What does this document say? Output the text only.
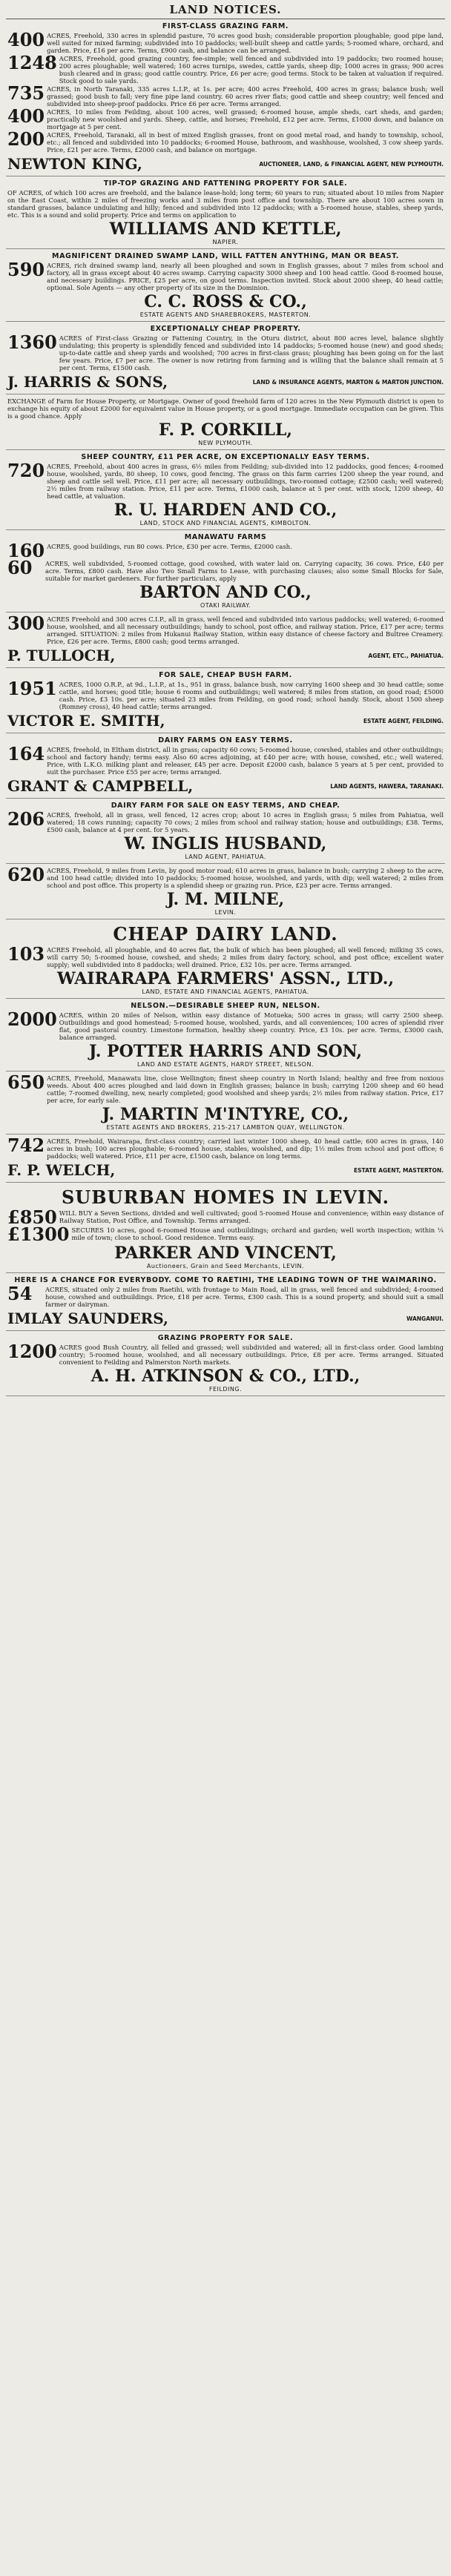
LAND NOTICES.
FIRST-CLASS GRAZING FARM.
400 ACRES, Freehold, 330 acres in splendid pasture, 70 acres good bush; considerable proportion ploughable; good pipe land, well suited for mixed farming; subdivided into 10 paddocks; well-built sheep and cattle yards; 5-roomed whare, orchard, and garden. Price, £16 per acre. Terms, £900 cash, and balance can be arranged.
1248 ACRES, Freehold, good grazing country, fee-simple; well fenced and subdivided into 19 paddocks; two roomed house; 200 acres ploughable; well watered; 160 acres turnips, swedes, cattle yards, sheep dip; 1000 acres in grass; 900 acres bush cleared and in grass; good cattle country. Price, £6 per acre; good terms. Stock to be taken at valuation if required. Stock good to sale yards.
735 ACRES, in North Taranaki, 335 acres L.I.P., at 1s. per acre; 400 acres Freehold, 400 acres in grass; balance bush; well grassed; good bush to fall; very fine pipe land country. 60 acres river flats; good cattle and sheep country; well fenced and subdivided into sheep-proof paddocks. Price £6 per acre. Terms arranged.
400 ACRES, 10 miles from Feilding, about 100 acres, well grassed; 6-roomed house, ample sheds, cart sheds, and garden; practically new woolshed and yards. Sheep, cattle, and horses; Freehold, £12 per acre. Terms, £1000 down, and balance on mortgage at 5 per cent.
200 ACRES, Freehold, Taranaki, all in best of mixed English grasses, front on good metal road, and handy to township, school, etc.; all fenced and subdivided into 10 paddocks; 6-roomed House, bathroom, and washhouse, woolshed, 3 cow sheep yards. Price, £21 per acre. Terms, £2000 cash, and balance on mortgage.
NEWTON KING,	AUCTIONEER, LAND, & FINANCIAL AGENT, NEW PLYMOUTH.
TIP-TOP GRAZING AND FATTENING PROPERTY FOR SALE.
OF ACRES, of which 100 acres are freehold, and the balance lease-hold; long term; 60 years to run; situated about 10 miles from Napier on the East Coast, within 2 miles of freezing works and 3 miles from post office and township. There are about 100 acres sown in standard grasses, balance undulating and hilly; fenced and subdivided into 12 paddocks; with a 5-roomed house, stables, sheep yards, etc. This is a sound and solid property. Price and terms on application to
WILLIAMS AND KETTLE,
NAPIER.
MAGNIFICENT DRAINED SWAMP LAND, WILL FATTEN ANYTHING, MAN OR BEAST.
590 ACRES, rich drained swamp land, nearly all been ploughed and sown in English grasses, about 7 miles from school and factory, all in grass except about 40 acres swamp. Carrying capacity 3000 sheep and 100 head cattle. Good 8-roomed house, and necessary buildings. PRICE, £25 per acre, on good terms. Inspection invited. Stock about 2000 sheep, 40 head cattle; optional. Sole Agents — any other property of its size in the Dominion.
C. C. ROSS & CO.,
ESTATE AGENTS AND SHAREBROKERS, MASTERTON.
EXCEPTIONALLY CHEAP PROPERTY.
1360 ACRES of First-class Grazing or Fattening Country, in the Oturu district, about 800 acres level, balance slightly undulating; this property is splendidly fenced and subdivided into 14 paddocks; 5-roomed house (new) and good sheds; up-to-date cattle and sheep yards and woolshed; 700 acres in first-class grass; ploughing has been going on for the last few years. Price, £7 per acre. The owner is now retiring from farming and is willing that the balance shall remain at 5 per cent. Terms, £1500 cash.
J. HARRIS & SONS,	LAND & INSURANCE AGENTS, MARTON & MARTON JUNCTION.
EXCHANGE of Farm for House Property, or Mortgage. Owner of good freehold farm of 120 acres in the New Plymouth district is open to exchange his equity of about £2000 for equivalent value in House property, or a good mortgage. Immediate occupation can be given. This is a good chance. Apply
F. P. CORKILL,
NEW PLYMOUTH.
SHEEP COUNTRY, £11 PER ACRE, ON EXCEPTIONALLY EASY TERMS.
720 ACRES, Freehold, about 400 acres in grass, 6½ miles from Feilding; sub-divided into 12 paddocks, good fences; 4-roomed house, woolshed, yards, 80 sheep, 10 cows, good fencing. The grass on this farm carries 1200 sheep the year round, and sheep and cattle sell well. Price, £11 per acre; all necessary outbuildings, two-roomed cottage; £2500 cash; well watered; 2½ miles from railway station. Price, £11 per acre. Terms, £1000 cash, balance at 5 per cent. with stock, 1200 sheep, 40 head cattle, at valuation.
R. U. HARDEN AND CO.,
LAND, STOCK AND FINANCIAL AGENTS, KIMBOLTON.
MANAWATU FARMS
160 ACRES, good buildings, run 80 cows. Price, £30 per acre. Terms, £2000 cash.
60	ACRES, well subdivided, 5-roomed cottage, good cowshed, with water laid on. Carrying capacity, 36 cows. Price, £40 per acre. Terms, £800 cash. Have also Two Small Farms to Lease, with purchasing clauses; also some Small Blocks for Sale, suitable for market gardeners. For further particulars, apply
BARTON AND CO.,
OTAKI RAILWAY.
300 ACRES Freehold and 300 acres C.I.P., all in grass, well fenced and subdivided into various paddocks; well watered; 6-roomed house, woolshed, and all necessary outbuildings; handy to school, post office, and railway station. Price, £17 per acre; terms arranged. SITUATION: 2 miles from Hukanui Railway Station, within easy distance of cheese factory and Bultree Creamery. Price, £26 per acre. Terms, £800 cash; good terms arranged.
P. TULLOCH,	AGENT, ETC., PAHIATUA.
FOR SALE, CHEAP BUSH FARM.
1951 ACRES, 1000 O.R.P., at 9d., L.I.P., at 1s., 951 in grass, balance bush, now carrying 1600 sheep and 30 head cattle; some cattle, and horses; good title; house 6 rooms and outbuildings; well watered; 8 miles from station, on good road; £5000 cash. Price, £3 10s. per acre; situated 23 miles from Feilding, on good road; school handy. Stock, about 1500 sheep (Romney cross), 40 head cattle; terms arranged.
VICTOR E. SMITH,	ESTATE AGENT, FEILDING.
DAIRY FARMS ON EASY TERMS.
164 ACRES, freehold, in Eltham district, all in grass; capacity 60 cows; 5-roomed house, cowshed, stables and other outbuildings; school and factory handy; terms easy. Also 60 acres adjoining, at £40 per acre; with house, cowshed, etc.; well watered. Price, with L.K.O. milking plant and releaser, £45 per acre. Deposit £2000 cash, balance 5 years at 5 per cent, provided to suit the purchaser. Price £55 per acre; terms arranged.
GRANT & CAMPBELL,	LAND AGENTS, HAWERA, TARANAKI.
DAIRY FARM FOR SALE ON EASY TERMS, AND CHEAP.
206 ACRES, freehold, all in grass, well fenced, 12 acres crop; about 10 acres in English grass; 5 miles from Pahiatua, well watered; 18 cows running; capacity 70 cows; 2 miles from school and railway station; house and outbuildings; £38. Terms, £500 cash, balance at 4 per cent. for 5 years.
W. INGLIS HUSBAND,
LAND AGENT, PAHIATUA.
620 ACRES, Freehold, 9 miles from Levin, by good motor road; 610 acres in grass, balance in bush; carrying 2 sheep to the acre, and 100 head cattle; divided into 10 paddocks; 5-roomed house, woolshed, and yards, with dip; well watered; 2 miles from school and post office. This property is a splendid sheep or grazing run. Price, £23 per acre. Terms arranged.
J. M. MILNE,
LEVIN.
CHEAP DAIRY LAND.
103 ACRES Freehold, all ploughable, and 40 acres flat, the bulk of which has been ploughed; all well fenced; milking 35 cows, will carry 50; 5-roomed house, cowshed, and sheds; 2 miles from dairy factory, school, and post office; excellent water supply; well subdivided into 8 paddocks; well drained. Price, £32 10s. per acre. Terms arranged.
WAIRARAPA FARMERS' ASSN., LTD.,
LAND, ESTATE AND FINANCIAL AGENTS, PAHIATUA.
NELSON.—DESIRABLE SHEEP RUN, NELSON.
2000 ACRES, within 20 miles of Nelson, within easy distance of Motueka; 500 acres in grass; will carry 2500 sheep. Outbuildings and good homestead; 5-roomed house, woolshed, yards, and all conveniences; 100 acres of splendid river flat, good pastoral country. Limestone formation, healthy sheep country. Price, £3 10s. per acre. Terms, £3000 cash, balance arranged.
J. POTTER HARRIS AND SON,
LAND AND ESTATE AGENTS, HARDY STREET, NELSON.
650 ACRES, Freehold, Manawatu line, close Wellington; finest sheep country in North Island; healthy and free from noxious weeds. About 400 acres ploughed and laid down in English grasses; balance in bush; carrying 1200 sheep and 60 head cattle; 7-roomed dwelling, new, nearly completed; good woolshed and sheep yards; 2½ miles from railway station. Price, £17 per acre, for early sale.
J. MARTIN M'INTYRE, CO.,
ESTATE AGENTS AND BROKERS, 215-217 LAMBTON QUAY, WELLINGTON.
742 ACRES, Freehold, Wairarapa, first-class country; carried last winter 1000 sheep, 40 head cattle; 600 acres in grass, 140 acres in bush; 100 acres ploughable; 6-roomed house, stables, woolshed, and dip; 1½ miles from school and post office; 6 paddocks; well watered. Price, £11 per acre, £1500 cash, balance on long terms.
F. P. WELCH,	ESTATE AGENT, MASTERTON.
SUBURBAN HOMES IN LEVIN.
£850 WILL BUY a Seven Sections, divided and well cultivated; good 5-roomed House and convenience; within easy distance of Railway Station, Post Office, and Township. Terms arranged.
£1300 SECURES 10 acres, good 6-roomed House and outbuildings; orchard and garden; well worth inspection; within ¼ mile of town; close to school. Good residence. Terms easy.
PARKER AND VINCENT,
Auctioneers, Grain and Seed Merchants, LEVIN.
HERE IS A CHANCE FOR EVERYBODY. COME TO RAETIHI, THE LEADING TOWN OF THE WAIMARINO.
54	ACRES, situated only 2 miles from Raetihi, with frontage to Main Road, all in grass, well fenced and subdivided; 4-roomed house, cowshed and outbuildings. Price, £18 per acre. Terms, £300 cash. This is a sound property, and should suit a small farmer or dairyman.
IMLAY SAUNDERS,	WANGANUI.
GRAZING PROPERTY FOR SALE.
1200 ACRES good Bush Country, all felled and grassed; well subdivided and watered; all in first-class order. Good lambing country; 5-roomed house, woolshed, and all necessary outbuildings. Price, £8 per acre. Terms arranged. Situated convenient to Feilding and Palmerston North markets.
A. H. ATKINSON & CO., LTD.,
FEILDING.
